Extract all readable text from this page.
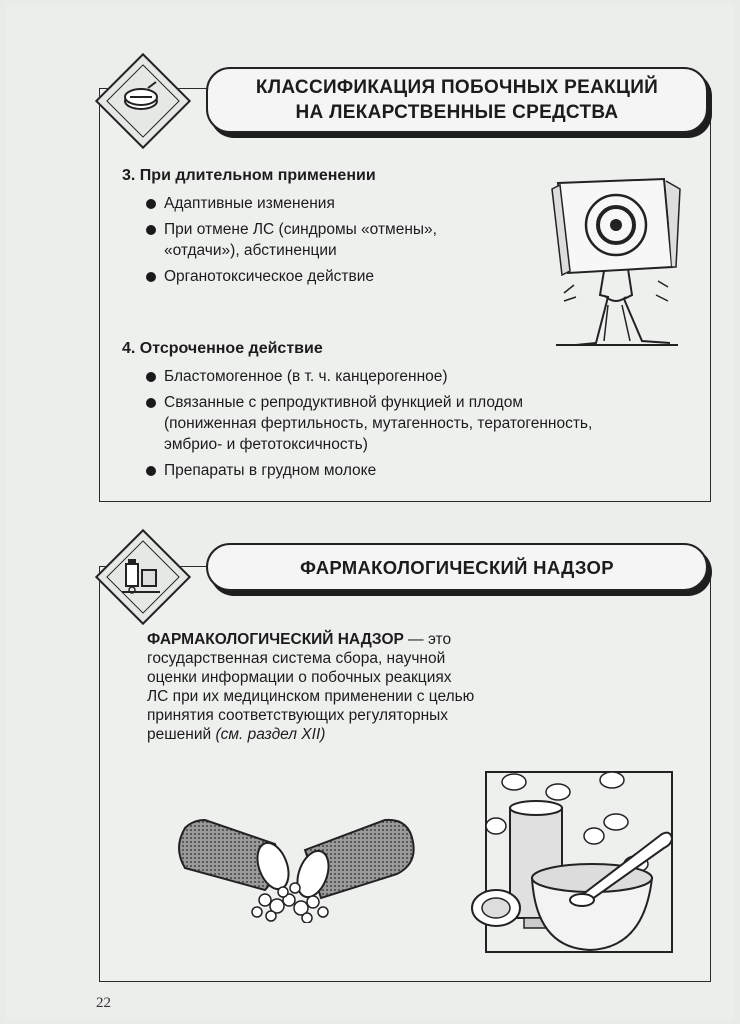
КЛАССИФИКАЦИЯ ПОБОЧНЫХ РЕАКЦИЙ
НА ЛЕКАРСТВЕННЫЕ СРЕДСТВА
3. При длительном применении
Адаптивные изменения
При отмене ЛС (синдромы «отмены», «отдачи»), абстиненции
Органотоксическое действие
4. Отсроченное действие
Бластомогенное (в т. ч. канцерогенное)
Связанные с репродуктивной функцией и плодом (пониженная фертильность, мутагенность, тератогенность, эмбрио- и фетотоксичность)
Препараты в грудном молоке
ФАРМАКОЛОГИЧЕСКИЙ НАДЗОР
ФАРМАКОЛОГИЧЕСКИЙ НАДЗОР — это государственная система сбора, научной оценки информации о побочных реакциях ЛС при их медицинском применении с целью принятия соответствующих регуляторных решений (см. раздел XII)
22
